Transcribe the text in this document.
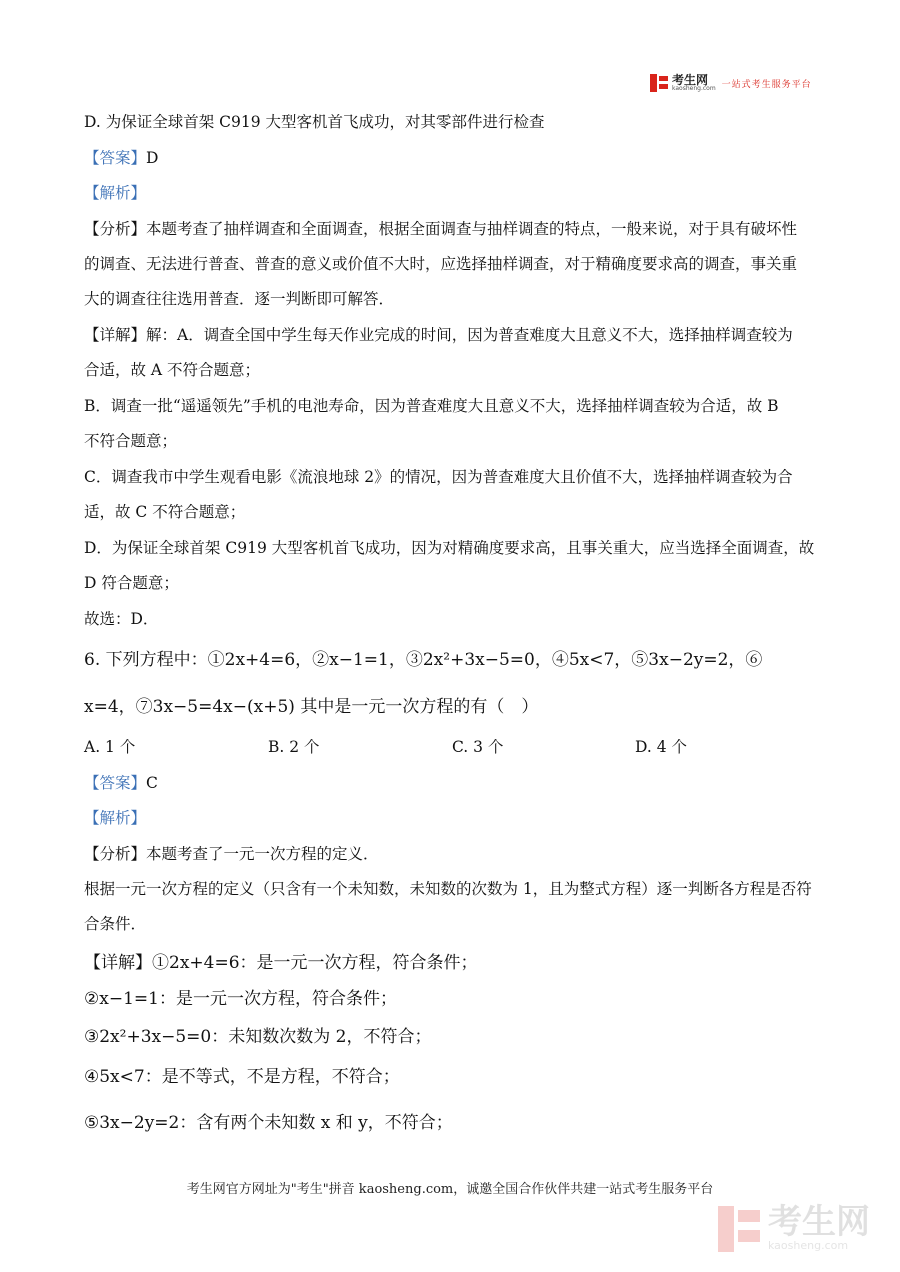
考生网
kaosheng.com 一站式考生服务平台
D. 为保证全球首架 C919 大型客机首飞成功，对其零部件进行检查
【答案】D
【解析】
【分析】本题考查了抽样调查和全面调查，根据全面调查与抽样调查的特点，一般来说，对于具有破坏性
的调查、无法进行普查、普查的意义或价值不大时，应选择抽样调查，对于精确度要求高的调查，事关重
大的调查往往选用普查．逐一判断即可解答．
【详解】解：A．调查全国中学生每天作业完成的时间，因为普查难度大且意义不大，选择抽样调查较为
合适，故 A 不符合题意；
B．调查一批“遥遥领先”手机的电池寿命，因为普查难度大且意义不大，选择抽样调查较为合适，故 B
不符合题意；
C．调查我市中学生观看电影《流浪地球 2》的情况，因为普查难度大且价值不大，选择抽样调查较为合
适，故 C 不符合题意；
D．为保证全球首架 C919 大型客机首飞成功，因为对精确度要求高，且事关重大，应当选择全面调查，故
D 符合题意；
故选：D．
6. 下列方程中：①2x+4=6，②x−1=1，③2x²+3x−5=0，④5x<7，⑤3x−2y=2，⑥
x=4，⑦3x−5=4x−(x+5) 其中是一元一次方程的有（　）
A. 1 个	B. 2 个	C. 3 个	D. 4 个
【答案】C
【解析】
【分析】本题考查了一元一次方程的定义．
根据一元一次方程的定义（只含有一个未知数，未知数的次数为 1，且为整式方程）逐一判断各方程是否符
合条件．
【详解】①2x+4=6：是一元一次方程，符合条件；
②x−1=1：是一元一次方程，符合条件；
③2x²+3x−5=0：未知数次数为 2，不符合；
④5x<7：是不等式，不是方程，不符合；
⑤3x−2y=2：含有两个未知数 x 和 y，不符合；
考生网官方网址为"考生"拼音 kaosheng.com，诚邀全国合作伙伴共建一站式考生服务平台
考生网
kaosheng.com
